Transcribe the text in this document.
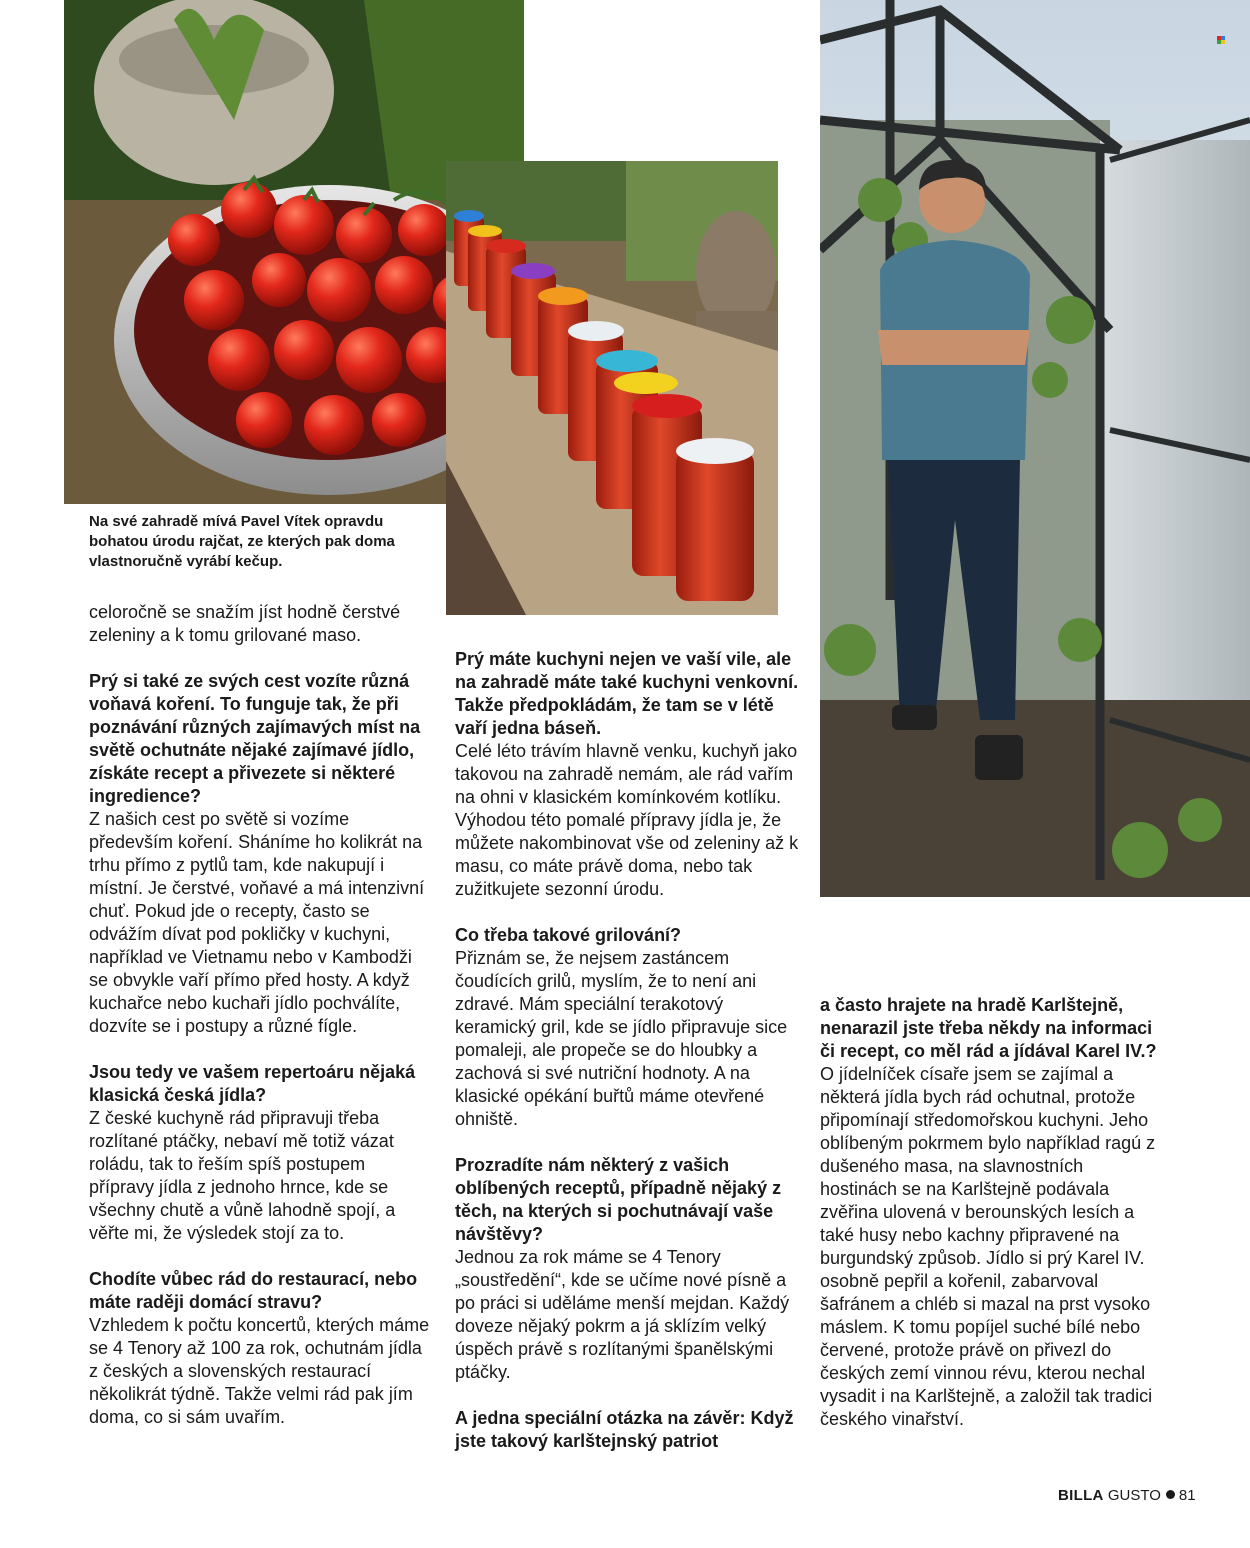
Na své zahradě mívá Pavel Vítek opravdu bohatou úrodu rajčat, ze kterých pak doma vlastnoručně vyrábí kečup.

celoročně se snažím jíst hodně čerstvé zeleniny a k tomu grilované maso.

Prý si také ze svých cest vozíte různá voňavá koření. To funguje tak, že při poznávání různých zajímavých míst na světě ochutnáte nějaké zajímavé jídlo, získáte recept a přivezete si některé ingredience?

Z našich cest po světě si vozíme především koření. Sháníme ho kolikrát na trhu přímo z pytlů tam, kde nakupují i místní. Je čerstvé, voňavé a má intenzivní chuť. Pokud jde o recepty, často se odvážím dívat pod pokličky v kuchyni, například ve Vietnamu nebo v Kambodži se obvykle vaří přímo před hosty. A když kuchařce nebo kuchaři jídlo pochválíte, dozvíte se i postupy a různé fígle.

Jsou tedy ve vašem repertoáru nějaká klasická česká jídla?

Z české kuchyně rád připravuji třeba rozlítané ptáčky, nebaví mě totiž vázat roládu, tak to řeším spíš postupem přípravy jídla z jednoho hrnce, kde se všechny chutě a vůně lahodně spojí, a věřte mi, že výsledek stojí za to.

Chodíte vůbec rád do restaurací, nebo máte raději domácí stravu?

Vzhledem k počtu koncertů, kterých máme se 4 Tenory až 100 za rok, ochutnám jídla z českých a slovenských restaurací několikrát týdně. Takže velmi rád pak jím doma, co si sám uvařím.

Prý máte kuchyni nejen ve vaší vile, ale na zahradě máte také kuchyni venkovní. Takže předpokládám, že tam se v létě vaří jedna báseň.

Celé léto trávím hlavně venku, kuchyň jako takovou na zahradě nemám, ale rád vařím na ohni v klasickém komínkovém kotlíku. Výhodou této pomalé přípravy jídla je, že můžete nakombinovat vše od zeleniny až k masu, co máte právě doma, nebo tak zužitkujete sezonní úrodu.

Co třeba takové grilování?

Přiznám se, že nejsem zastáncem čoudících grilů, myslím, že to není ani zdravé. Mám speciální terakotový keramický gril, kde se jídlo připravuje sice pomaleji, ale propeče se do hloubky a zachová si své nutriční hodnoty. A na klasické opékání buřtů máme otevřené ohniště.

Prozradíte nám některý z vašich oblíbených receptů, případně nějaký z těch, na kterých si pochutnávají vaše návštěvy?

Jednou za rok máme se 4 Tenory „soustředění“, kde se učíme nové písně a po práci si uděláme menší mejdan. Každý doveze nějaký pokrm a já sklízím velký úspěch právě s rozlítanými španělskými ptáčky.

A jedna speciální otázka na závěr: Když jste takový karlštejnský patriot

a často hrajete na hradě Karlštejně, nenarazil jste třeba někdy na informaci či recept, co měl rád a jídával Karel IV.?

O jídelníček císaře jsem se zajímal a některá jídla bych rád ochutnal, protože připomínají středomořskou kuchyni. Jeho oblíbeným pokrmem bylo například ragú z dušeného masa, na slavnostních hostinách se na Karlštejně podávala zvěřina ulovená v berounských lesích a také husy nebo kachny připravené na burgundský způsob. Jídlo si prý Karel IV. osobně pepřil a kořenil, zabarvoval šafránem a chléb si mazal na prst vysoko máslem. K tomu popíjel suché bílé nebo červené, protože právě on přivezl do českých zemí vinnou révu, kterou nechal vysadit i na Karlštejně, a založil tak tradici českého vinařství.

BILLA GUSTO 81
